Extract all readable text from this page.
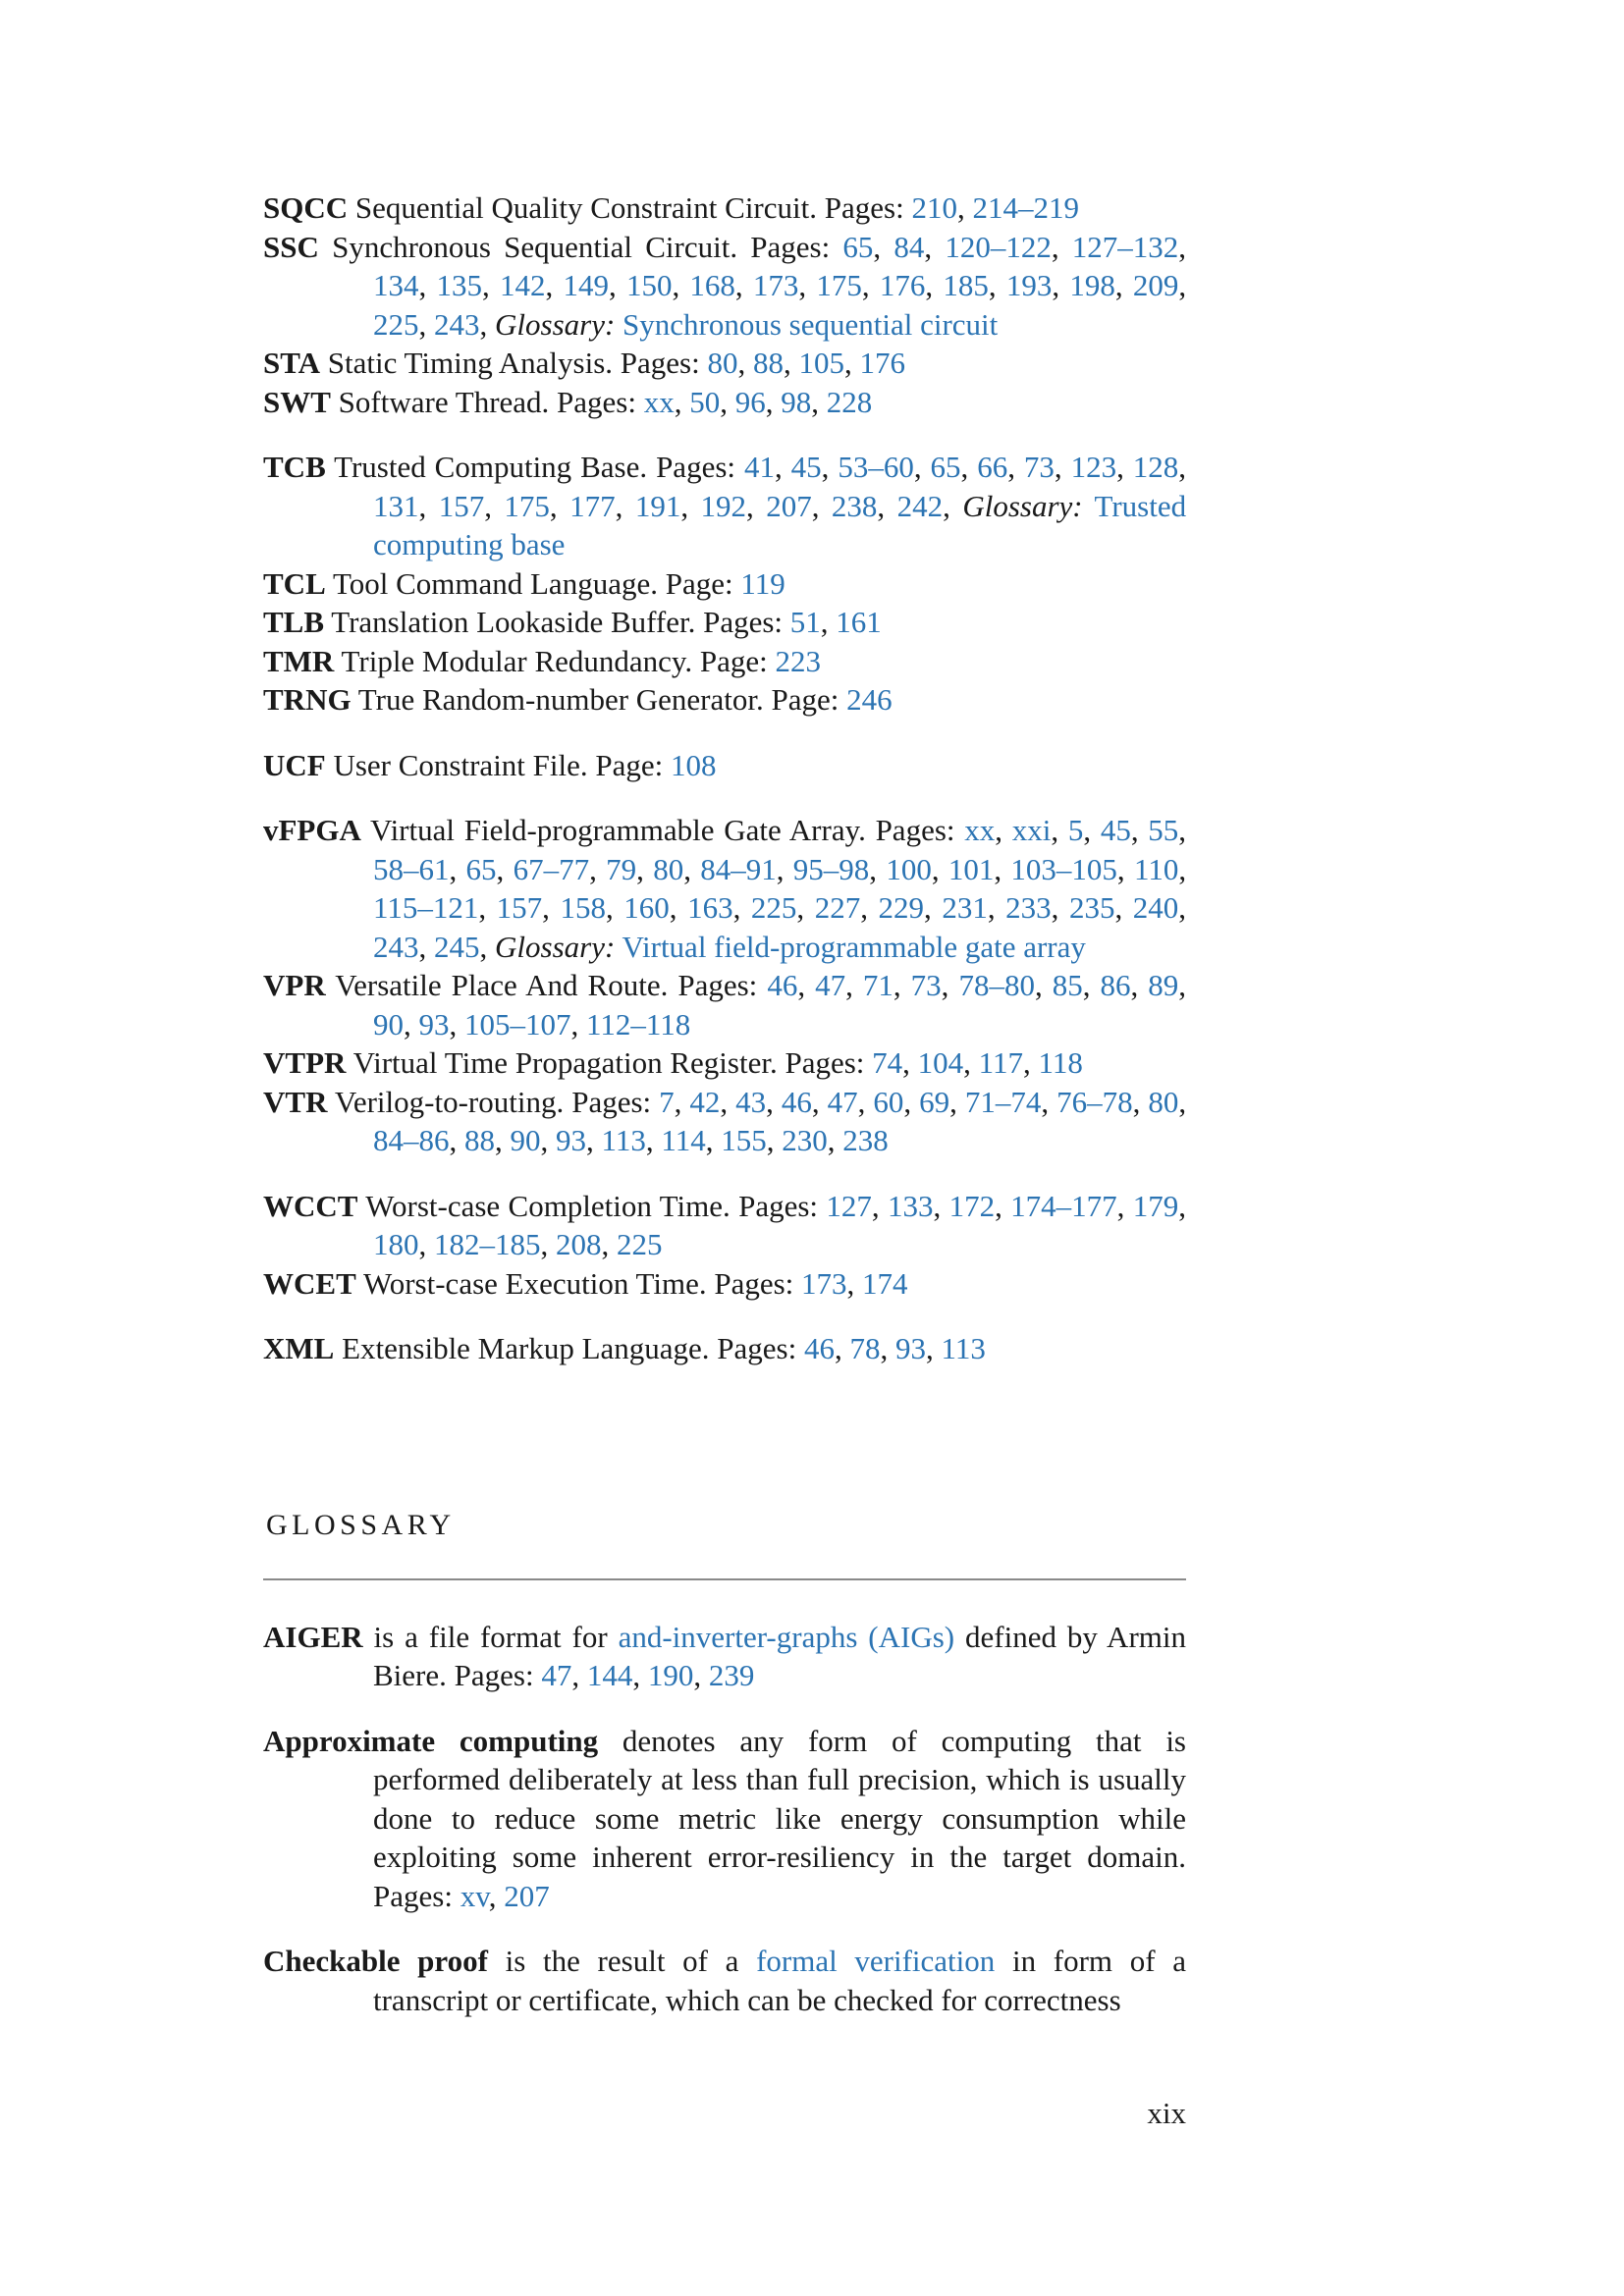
SQCC Sequential Quality Constraint Circuit. Pages: 210, 214–219
SSC Synchronous Sequential Circuit. Pages: 65, 84, 120–122, 127–132, 134, 135, 142, 149, 150, 168, 173, 175, 176, 185, 193, 198, 209, 225, 243, Glossary: Synchronous sequential circuit
STA Static Timing Analysis. Pages: 80, 88, 105, 176
SWT Software Thread. Pages: xx, 50, 96, 98, 228
TCB Trusted Computing Base. Pages: 41, 45, 53–60, 65, 66, 73, 123, 128, 131, 157, 175, 177, 191, 192, 207, 238, 242, Glossary: Trusted computing base
TCL Tool Command Language. Page: 119
TLB Translation Lookaside Buffer. Pages: 51, 161
TMR Triple Modular Redundancy. Page: 223
TRNG True Random-number Generator. Page: 246
UCF User Constraint File. Page: 108
vFPGA Virtual Field-programmable Gate Array. Pages: xx, xxi, 5, 45, 55, 58–61, 65, 67–77, 79, 80, 84–91, 95–98, 100, 101, 103–105, 110, 115–121, 157, 158, 160, 163, 225, 227, 229, 231, 233, 235, 240, 243, 245, Glossary: Virtual field-programmable gate array
VPR Versatile Place And Route. Pages: 46, 47, 71, 73, 78–80, 85, 86, 89, 90, 93, 105–107, 112–118
VTPR Virtual Time Propagation Register. Pages: 74, 104, 117, 118
VTR Verilog-to-routing. Pages: 7, 42, 43, 46, 47, 60, 69, 71–74, 76–78, 80, 84–86, 88, 90, 93, 113, 114, 155, 230, 238
WCCT Worst-case Completion Time. Pages: 127, 133, 172, 174–177, 179, 180, 182–185, 208, 225
WCET Worst-case Execution Time. Pages: 173, 174
XML Extensible Markup Language. Pages: 46, 78, 93, 113
GLOSSARY
AIGER is a file format for and-inverter-graphs (AIGs) defined by Armin Biere. Pages: 47, 144, 190, 239
Approximate computing denotes any form of computing that is performed deliberately at less than full precision, which is usually done to reduce some metric like energy consumption while exploiting some inherent error-resiliency in the target domain. Pages: xv, 207
Checkable proof is the result of a formal verification in form of a transcript or certificate, which can be checked for correctness
xix
